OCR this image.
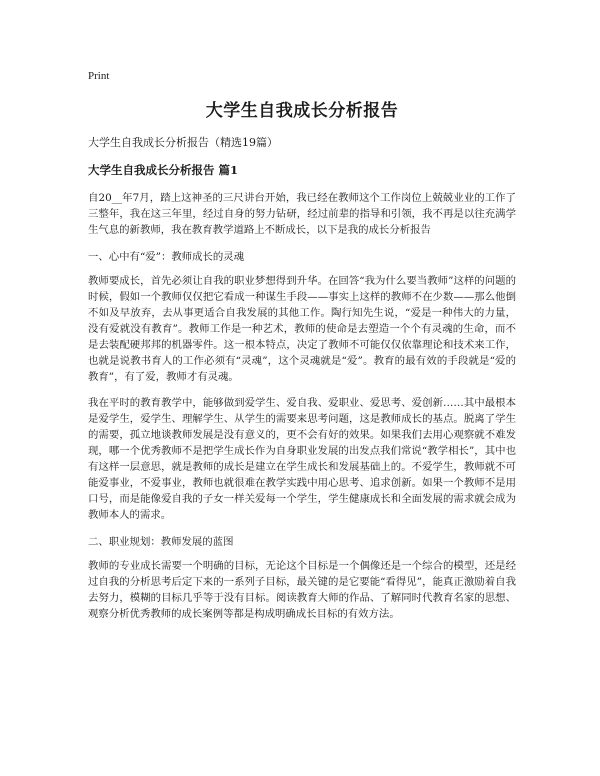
Print
大学生自我成长分析报告
大学生自我成长分析报告（精选19篇）
大学生自我成长分析报告 篇1

自20__年7月，踏上这神圣的三尺讲台开始，我已经在教师这个工作岗位上兢兢业业的工作了三整年，我在这三年里，经过自身的努力钻研，经过前辈的指导和引领，我不再是以往充满学生气息的新教师，我在教育教学道路上不断成长，以下是我的成长分析报告

一、心中有“爱”：教师成长的灵魂

教师要成长，首先必须让自我的职业梦想得到升华。在回答“我为什么要当教师”这样的问题的时候，假如一个教师仅仅把它看成一种谋生手段——事实上这样的教师不在少数——那么他倒不如及早放弃，去从事更适合自我发展的其他工作。陶行知先生说，“爱是一种伟大的力量，没有爱就没有教育”。教师工作是一种艺术，教师的使命是去塑造一个个有灵魂的生命，而不是去装配硬邦邦的机器零件。这一根本特点，决定了教师不可能仅仅依靠理论和技术来工作，也就是说教书育人的工作必须有“灵魂”，这个灵魂就是“爱”。教育的最有效的手段就是“爱的教育”，有了爱，教师才有灵魂。

我在平时的教育教学中，能够做到爱学生、爱自我、爱职业、爱思考、爱创新……其中最根本是爱学生，爱学生、理解学生、从学生的需要来思考问题，这是教师成长的基点。脱离了学生的需要，孤立地谈教师发展是没有意义的，更不会有好的效果。如果我们去用心观察就不难发现，哪一个优秀教师不是把学生成长作为自身职业发展的出发点我们常说“教学相长”，其中也有这样一层意思，就是教师的成长是建立在学生成长和发展基础上的。不爱学生，教师就不可能爱事业，不爱事业，教师也就很难在教学实践中用心思考、追求创新。如果一个教师不是用口号，而是能像爱自我的子女一样关爱每一个学生，学生健康成长和全面发展的需求就会成为教师本人的需求。

二、职业规划：教师发展的蓝图

教师的专业成长需要一个明确的目标，无论这个目标是一个偶像还是一个综合的模型，还是经过自我的分析思考后定下来的一系列子目标，最关键的是它要能“看得见”，能真正激励着自我去努力，模糊的目标几乎等于没有目标。阅读教育大师的作品、了解同时代教育名家的思想、观察分析优秀教师的成长案例等都是构成明确成长目标的有效方法。
